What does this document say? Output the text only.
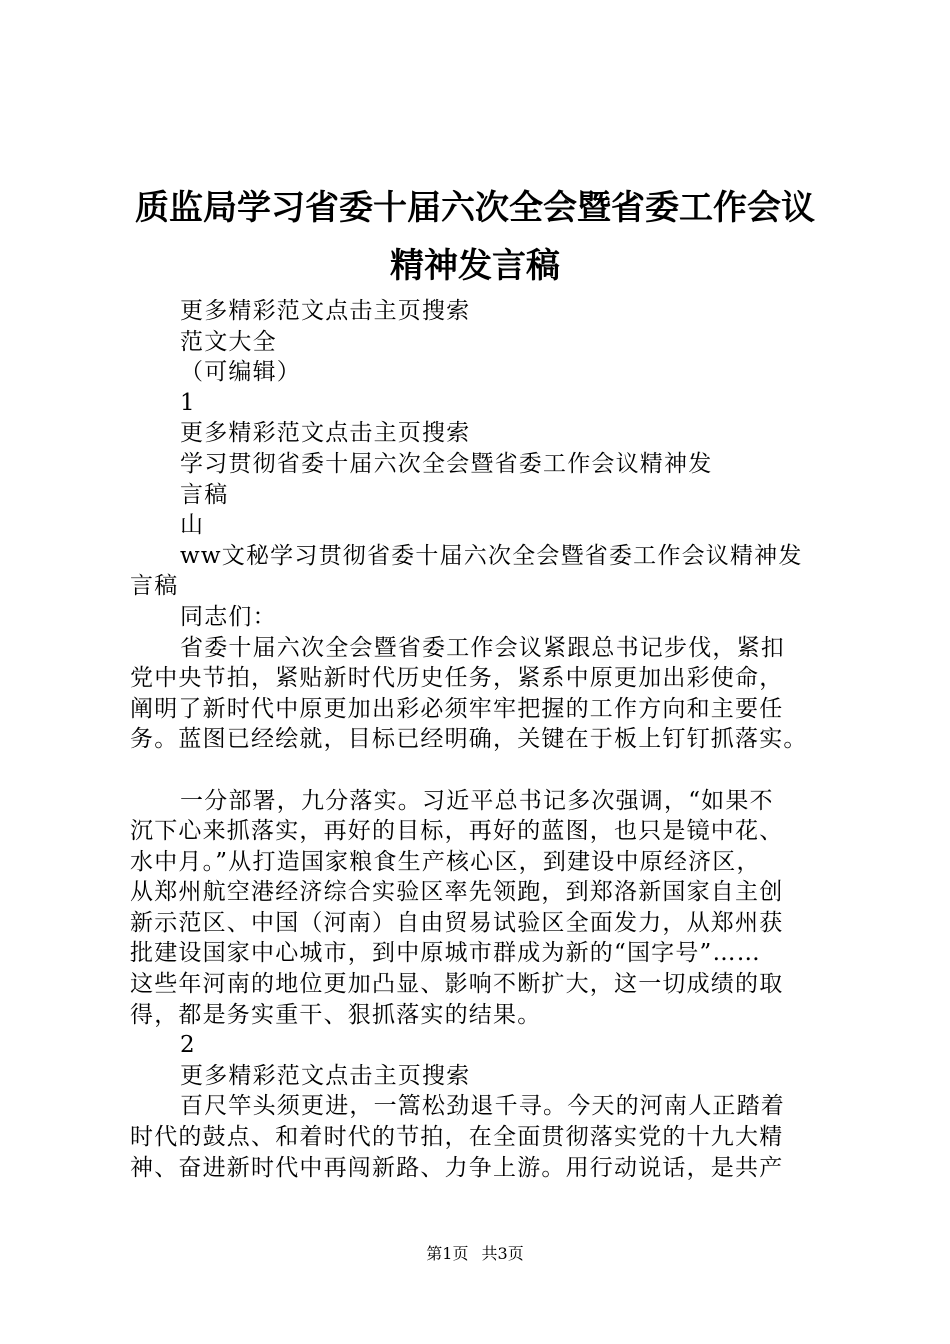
质监局学习省委十届六次全会暨省委工作会议
精神发言稿

更多精彩范文点击主页搜索

范文大全

（可编辑）

1

更多精彩范文点击主页搜索

学习贯彻省委十届六次全会暨省委工作会议精神发

言稿

山

ww文秘学习贯彻省委十届六次全会暨省委工作会议精神发

言稿

同志们：

省委十届六次全会暨省委工作会议紧跟总书记步伐，紧扣

党中央节拍，紧贴新时代历史任务，紧系中原更加出彩使命，

阐明了新时代中原更加出彩必须牢牢把握的工作方向和主要任

务。蓝图已经绘就，目标已经明确，关键在于板上钉钉抓落实。

一分部署，九分落实。习近平总书记多次强调，“如果不

沉下心来抓落实，再好的目标，再好的蓝图，也只是镜中花、

水中月。”从打造国家粮食生产核心区，到建设中原经济区，

从郑州航空港经济综合实验区率先领跑，到郑洛新国家自主创

新示范区、中国（河南）自由贸易试验区全面发力，从郑州获

批建设国家中心城市，到中原城市群成为新的“国字号”……

这些年河南的地位更加凸显、影响不断扩大，这一切成绩的取

得，都是务实重干、狠抓落实的结果。

2

更多精彩范文点击主页搜索

百尺竿头须更进，一篙松劲退千寻。今天的河南人正踏着

时代的鼓点、和着时代的节拍，在全面贯彻落实党的十九大精

神、奋进新时代中再闯新路、力争上游。用行动说话，是共产

第1页 共3页
